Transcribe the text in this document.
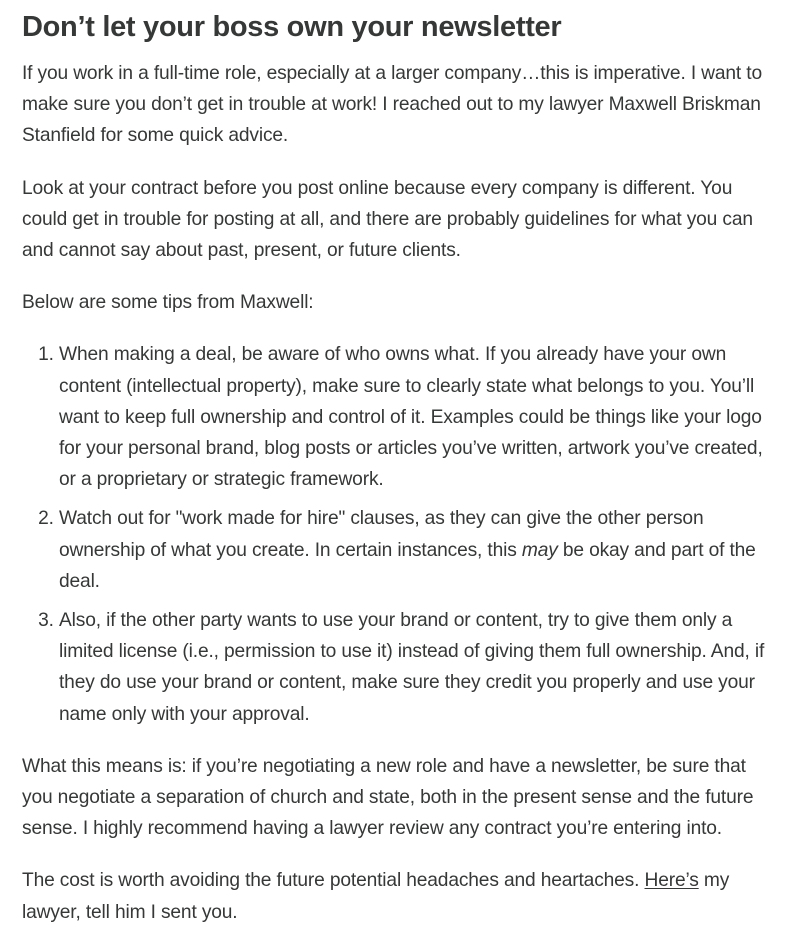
Don’t let your boss own your newsletter

If you work in a full-time role, especially at a larger company…this is imperative. I want to make sure you don’t get in trouble at work! I reached out to my lawyer Maxwell Briskman Stanfield for some quick advice.

Look at your contract before you post online because every company is different. You could get in trouble for posting at all, and there are probably guidelines for what you can and cannot say about past, present, or future clients.

Below are some tips from Maxwell:

1. When making a deal, be aware of who owns what. If you already have your own content (intellectual property), make sure to clearly state what belongs to you. You’ll want to keep full ownership and control of it. Examples could be things like your logo for your personal brand, blog posts or articles you’ve written, artwork you’ve created, or a proprietary or strategic framework.
2. Watch out for "work made for hire" clauses, as they can give the other person ownership of what you create. In certain instances, this may be okay and part of the deal.
3. Also, if the other party wants to use your brand or content, try to give them only a limited license (i.e., permission to use it) instead of giving them full ownership. And, if they do use your brand or content, make sure they credit you properly and use your name only with your approval.

What this means is: if you’re negotiating a new role and have a newsletter, be sure that you negotiate a separation of church and state, both in the present sense and the future sense. I highly recommend having a lawyer review any contract you’re entering into.

The cost is worth avoiding the future potential headaches and heartaches. Here’s my lawyer, tell him I sent you.
